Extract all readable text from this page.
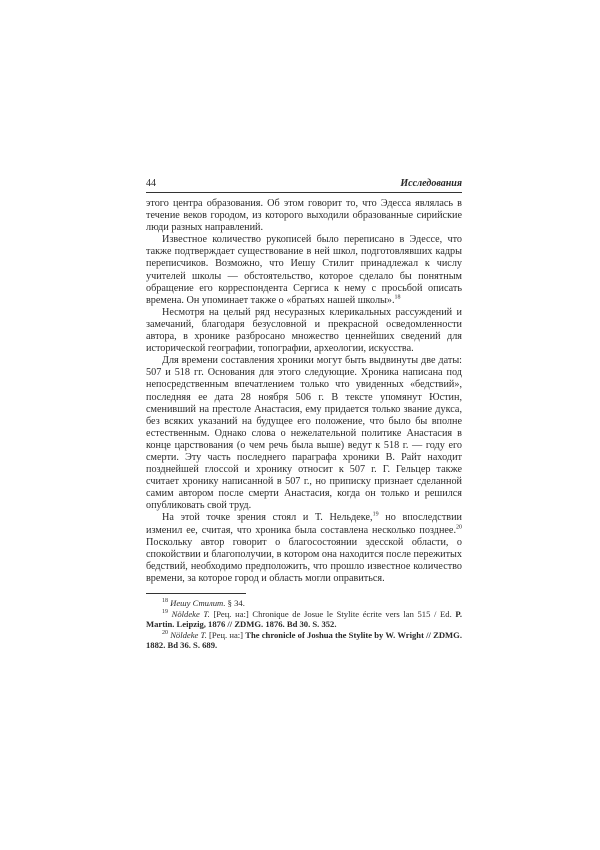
44	Исследования

этого центра образования. Об этом говорит то, что Эдесса являлась в течение веков городом, из которого выходили образованные сирийские люди разных направлений.

Известное количество рукописей было переписано в Эдессе, что также подтверждает существование в ней школ, подготовлявших кадры переписчиков. Возможно, что Иешу Стилит принадлежал к числу учителей школы — обстоятельство, которое сделало бы понятным обращение его корреспондента Сергиса к нему с просьбой описать времена. Он упоминает также о «братьях нашей школы».$^{18}$

Несмотря на целый ряд несуразных клерикальных рассуждений и замечаний, благодаря безусловной и прекрасной осведомленности автора, в хронике разбросано множество ценнейших сведений для исторической географии, топографии, археологии, искусства.

Для времени составления хроники могут быть выдвинуты две даты: 507 и 518 гг. Основания для этого следующие. Хроника написана под непосредственным впечатлением только что увиденных «бедствий», последняя ее дата 28 ноября 506 г. В тексте упомянут Юстин, сменивший на престоле Анастасия, ему придается только звание дукса, без всяких указаний на будущее его положение, что было бы вполне естественным. Однако слова о нежелательной политике Анастасия в конце царствования (о чем речь была выше) ведут к 518 г. — году его смерти. Эту часть последнего параграфа хроники В. Райт находит позднейшей глоссой и хронику относит к 507 г. Г. Гельцер также считает хронику написанной в 507 г., но приписку признает сделанной самим автором после смерти Анастасия, когда он только и решился опубликовать свой труд.

На этой точке зрения стоял и Т. Нельдеке,$^{19}$ но впоследствии изменил ее, считая, что хроника была составлена несколько позднее.$^{20}$ Поскольку автор говорит о благосостоянии эдесской области, о спокойствии и благополучии, в котором она находится после пережитых бедствий, необходимо предположить, что прошло известное количество времени, за которое город и область могли оправиться.

$^{18}$ Иешу Стилит. § 34.

$^{19}$ Nöldeke T. [Рец. на:] Chronique de Josue le Stylite écrite vers lan 515 / Ed. P. Martin. Leipzig, 1876 // ZDMG. 1876. Bd 30. S. 352.

$^{20}$ Nöldeke T. [Рец. на:] The chronicle of Joshua the Stylite by W. Wright // ZDMG. 1882. Bd 36. S. 689.
